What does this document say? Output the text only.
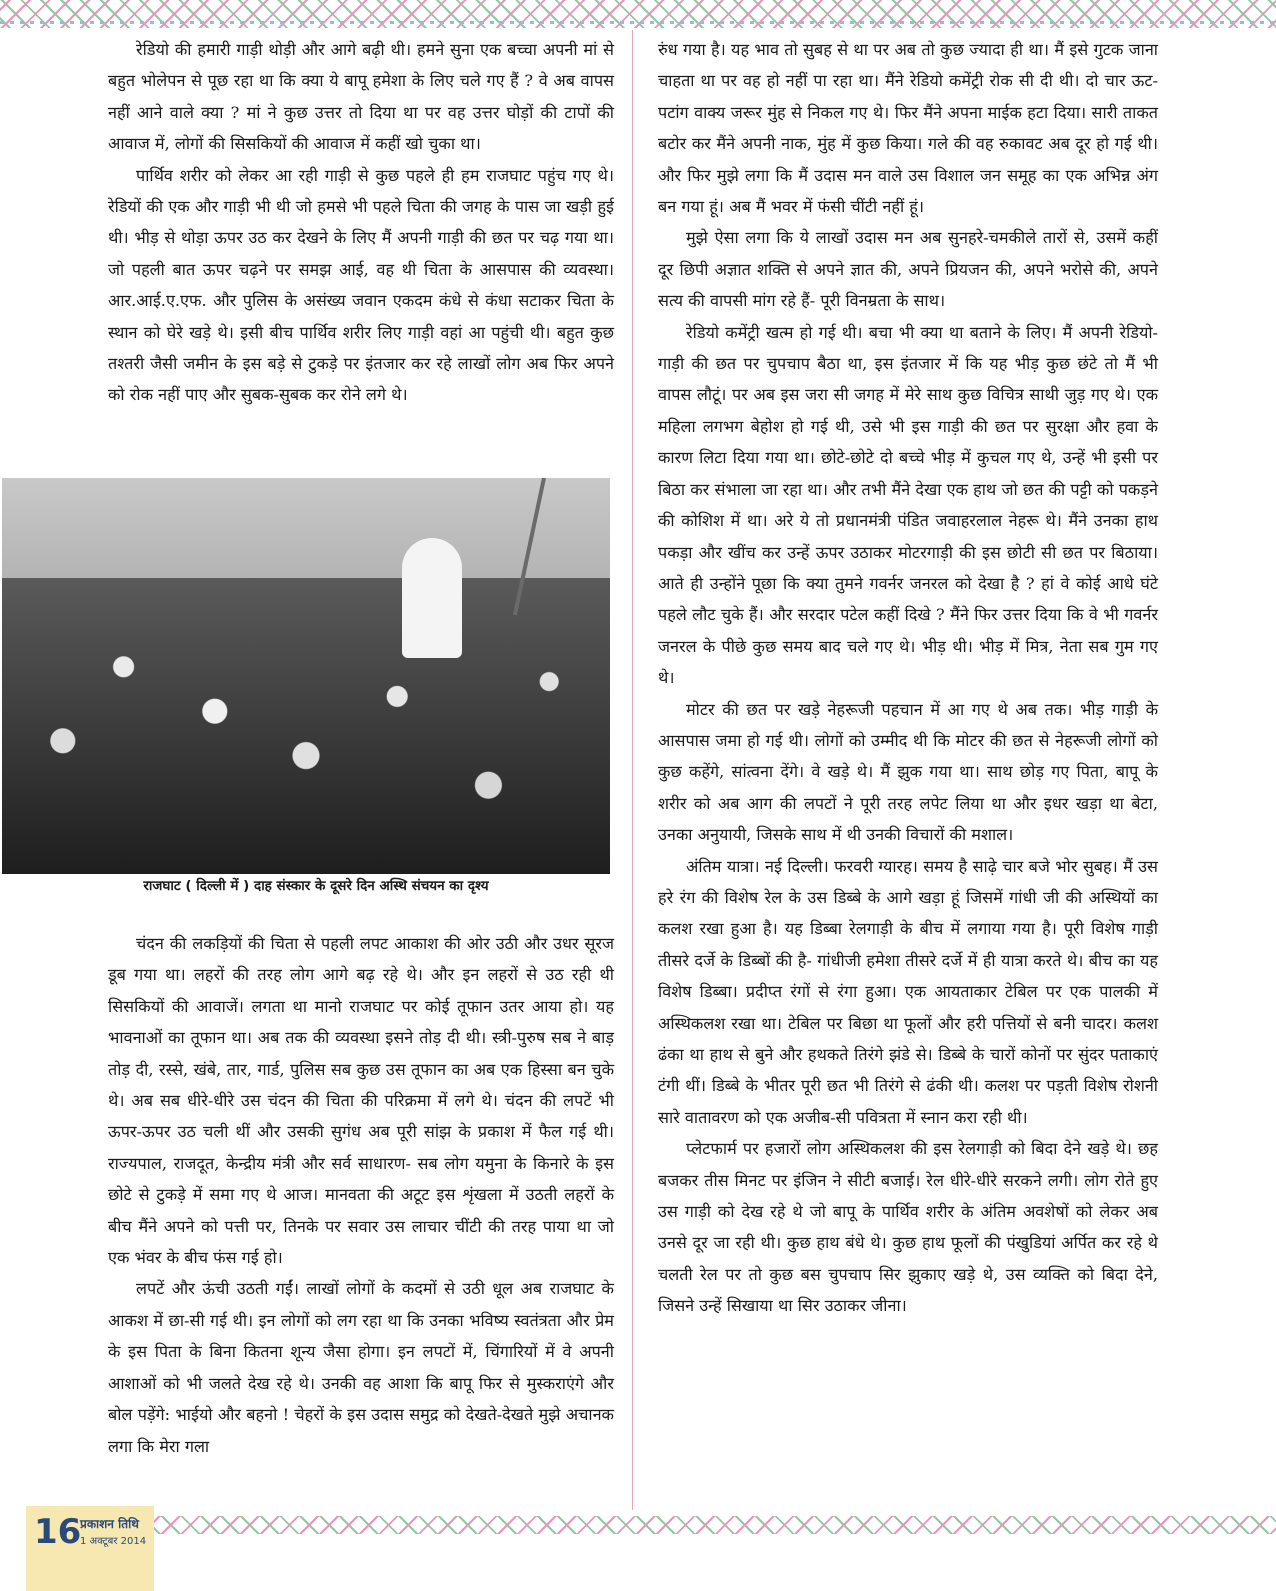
रेडियो की हमारी गाड़ी थोड़ी और आगे बढ़ी थी। हमने सुना एक बच्चा अपनी मां से बहुत भोलेपन से पूछ रहा था कि क्या ये बापू हमेशा के लिए चले गए हैं ? वे अब वापस नहीं आने वाले क्या ? मां ने कुछ उत्तर तो दिया था पर वह उत्तर घोड़ों की टापों की आवाज में, लोगों की सिसकियों की आवाज में कहीं खो चुका था।

पार्थिव शरीर को लेकर आ रही गाड़ी से कुछ पहले ही हम राजघाट पहुंच गए थे। रेडियों की एक और गाड़ी भी थी जो हमसे भी पहले चिता की जगह के पास जा खड़ी हुई थी। भीड़ से थोड़ा ऊपर उठ कर देखने के लिए मैं अपनी गाड़ी की छत पर चढ़ गया था। जो पहली बात ऊपर चढ़ने पर समझ आई, वह थी चिता के आसपास की व्यवस्था। आर.आई.ए.एफ. और पुलिस के असंख्य जवान एकदम कंधे से कंधा सटाकर चिता के स्थान को घेरे खड़े थे। इसी बीच पार्थिव शरीर लिए गाड़ी वहां आ पहुंची थी। बहुत कुछ तश्तरी जैसी जमीन के इस बड़े से टुकड़े पर इंतजार कर रहे लाखों लोग अब फिर अपने को रोक नहीं पाए और सुबक-सुबक कर रोने लगे थे।

राजघाट ( दिल्ली में ) दाह संस्कार के दूसरे दिन अस्थि संचयन का दृश्य

चंदन की लकड़ियों की चिता से पहली लपट आकाश की ओर उठी और उधर सूरज डूब गया था। लहरों की तरह लोग आगे बढ़ रहे थे। और इन लहरों से उठ रही थी सिसकियों की आवाजें। लगता था मानो राजघाट पर कोई तूफान उतर आया हो। यह भावनाओं का तूफान था। अब तक की व्यवस्था इसने तोड़ दी थी। स्त्री-पुरुष सब ने बाड़ तोड़ दी, रस्से, खंबे, तार, गार्ड, पुलिस सब कुछ उस तूफान का अब एक हिस्सा बन चुके थे। अब सब धीरे-धीरे उस चंदन की चिता की परिक्रमा में लगे थे। चंदन की लपटें भी ऊपर-ऊपर उठ चली थीं और उसकी सुगंध अब पूरी सांझ के प्रकाश में फैल गई थी। राज्यपाल, राजदूत, केन्द्रीय मंत्री और सर्व साधारण- सब लोग यमुना के किनारे के इस छोटे से टुकड़े में समा गए थे आज। मानवता की अटूट इस शृंखला में उठती लहरों के बीच मैंने अपने को पत्ती पर, तिनके पर सवार उस लाचार चींटी की तरह पाया था जो एक भंवर के बीच फंस गई हो।

लपटें और ऊंची उठती गईं। लाखों लोगों के कदमों से उठी धूल अब राजघाट के आकश में छा-सी गई थी। इन लोगों को लग रहा था कि उनका भविष्य स्वतंत्रता और प्रेम के इस पिता के बिना कितना शून्य जैसा होगा। इन लपटों में, चिंगारियों में वे अपनी आशाओं को भी जलते देख रहे थे। उनकी वह आशा कि बापू फिर से मुस्कराएंगे और बोल पड़ेंगे: भाईयो और बहनो ! चेहरों के इस उदास समुद्र को देखते-देखते मुझे अचानक लगा कि मेरा गला

रुंध गया है। यह भाव तो सुबह से था पर अब तो कुछ ज्यादा ही था। मैं इसे गुटक जाना चाहता था पर वह हो नहीं पा रहा था। मैंने रेडियो कमेंट्री रोक सी दी थी। दो चार ऊट-पटांग वाक्य जरूर मुंह से निकल गए थे। फिर मैंने अपना माईक हटा दिया। सारी ताकत बटोर कर मैंने अपनी नाक, मुंह में कुछ किया। गले की वह रुकावट अब दूर हो गई थी। और फिर मुझे लगा कि मैं उदास मन वाले उस विशाल जन समूह का एक अभिन्न अंग बन गया हूं। अब मैं भवर में फंसी चींटी नहीं हूं।

मुझे ऐसा लगा कि ये लाखों उदास मन अब सुनहरे-चमकीले तारों से, उसमें कहीं दूर छिपी अज्ञात शक्ति से अपने ज्ञात की, अपने प्रियजन की, अपने भरोसे की, अपने सत्य की वापसी मांग रहे हैं- पूरी विनम्रता के साथ।

रेडियो कमेंट्री खत्म हो गई थी। बचा भी क्या था बताने के लिए। मैं अपनी रेडियो-गाड़ी की छत पर चुपचाप बैठा था, इस इंतजार में कि यह भीड़ कुछ छंटे तो मैं भी वापस लौटूं। पर अब इस जरा सी जगह में मेरे साथ कुछ विचित्र साथी जुड़ गए थे। एक महिला लगभग बेहोश हो गई थी, उसे भी इस गाड़ी की छत पर सुरक्षा और हवा के कारण लिटा दिया गया था। छोटे-छोटे दो बच्चे भीड़ में कुचल गए थे, उन्हें भी इसी पर बिठा कर संभाला जा रहा था। और तभी मैंने देखा एक हाथ जो छत की पट्टी को पकड़ने की कोशिश में था। अरे ये तो प्रधानमंत्री पंडित जवाहरलाल नेहरू थे। मैंने उनका हाथ पकड़ा और खींच कर उन्हें ऊपर उठाकर मोटरगाड़ी की इस छोटी सी छत पर बिठाया। आते ही उन्होंने पूछा कि क्या तुमने गवर्नर जनरल को देखा है ? हां वे कोई आधे घंटे पहले लौट चुके हैं। और सरदार पटेल कहीं दिखे ? मैंने फिर उत्तर दिया कि वे भी गवर्नर जनरल के पीछे कुछ समय बाद चले गए थे। भीड़ थी। भीड़ में मित्र, नेता सब गुम गए थे।

मोटर की छत पर खड़े नेहरूजी पहचान में आ गए थे अब तक। भीड़ गाड़ी के आसपास जमा हो गई थी। लोगों को उम्मीद थी कि मोटर की छत से नेहरूजी लोगों को कुछ कहेंगे, सांत्वना देंगे। वे खड़े थे। मैं झुक गया था। साथ छोड़ गए पिता, बापू के शरीर को अब आग की लपटों ने पूरी तरह लपेट लिया था और इधर खड़ा था बेटा, उनका अनुयायी, जिसके साथ में थी उनकी विचारों की मशाल।

अंतिम यात्रा। नई दिल्ली। फरवरी ग्यारह। समय है साढ़े चार बजे भोर सुबह। मैं उस हरे रंग की विशेष रेल के उस डिब्बे के आगे खड़ा हूं जिसमें गांधी जी की अस्थियों का कलश रखा हुआ है। यह डिब्बा रेलगाड़ी के बीच में लगाया गया है। पूरी विशेष गाड़ी तीसरे दर्जे के डिब्बों की है- गांधीजी हमेशा तीसरे दर्जे में ही यात्रा करते थे। बीच का यह विशेष डिब्बा। प्रदीप्त रंगों से रंगा हुआ। एक आयताकार टेबिल पर एक पालकी में अस्थिकलश रखा था। टेबिल पर बिछा था फूलों और हरी पत्तियों से बनी चादर। कलश ढंका था हाथ से बुने और हथकते तिरंगे झंडे से। डिब्बे के चारों कोनों पर सुंदर पताकाएं टंगी थीं। डिब्बे के भीतर पूरी छत भी तिरंगे से ढंकी थी। कलश पर पड़ती विशेष रोशनी सारे वातावरण को एक अजीब-सी पवित्रता में स्नान करा रही थी।

प्लेटफार्म पर हजारों लोग अस्थिकलश की इस रेलगाड़ी को बिदा देने खड़े थे। छह बजकर तीस मिनट पर इंजिन ने सीटी बजाई। रेल धीरे-धीरे सरकने लगी। लोग रोते हुए उस गाड़ी को देख रहे थे जो बापू के पार्थिव शरीर के अंतिम अवशेषों को लेकर अब उनसे दूर जा रही थी। कुछ हाथ बंधे थे। कुछ हाथ फूलों की पंखुडियां अर्पित कर रहे थे चलती रेल पर तो कुछ बस चुपचाप सिर झुकाए खड़े थे, उस व्यक्ति को बिदा देने, जिसने उन्हें सिखाया था सिर उठाकर जीना।

16
प्रकाशन तिथि
1 अक्टूबर 2014
